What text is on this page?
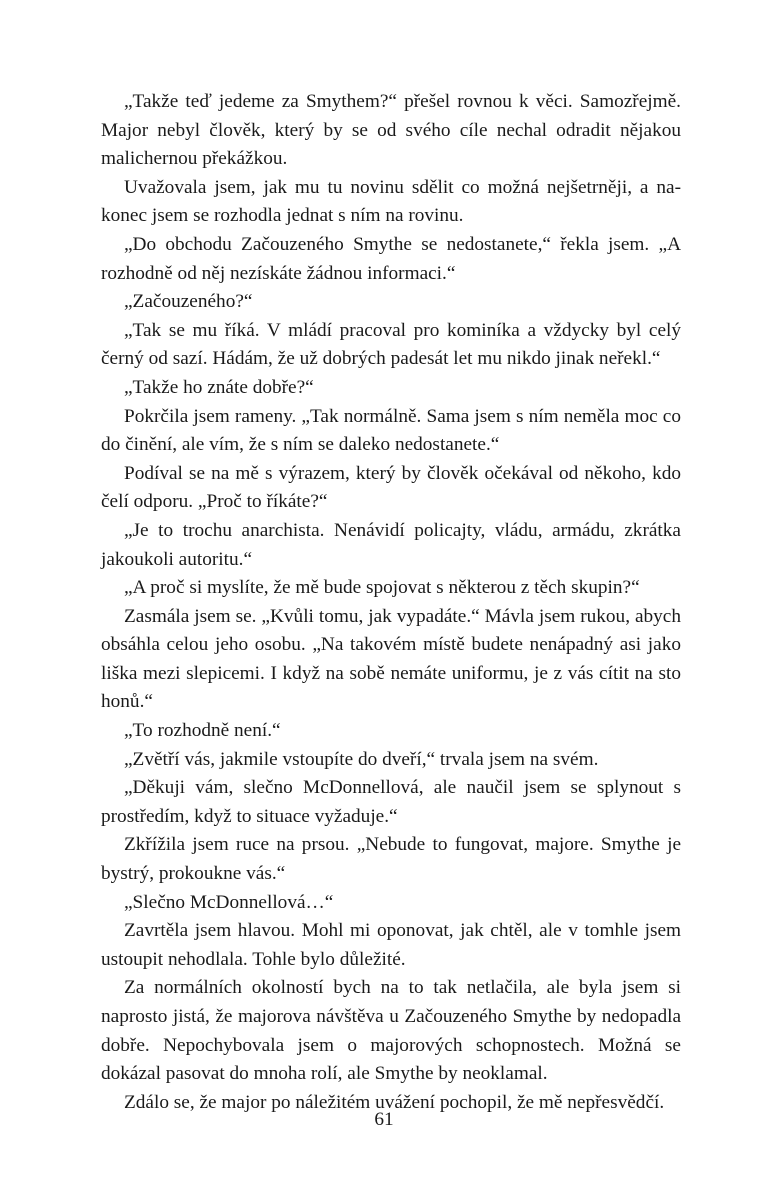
„Takže teď jedeme za Smythem?“ přešel rovnou k věci. Samozřejmě. Major nebyl člověk, který by se od svého cíle nechal odradit nějakou malichernou překážkou.

Uvažovala jsem, jak mu tu novinu sdělit co možná nejšetrněji, a nakonec jsem se rozhodla jednat s ním na rovinu.

„Do obchodu Začouzeného Smythe se nedostanete,“ řekla jsem. „A rozhodně od něj nezískáte žádnou informaci.“

„Začouzeného?“

„Tak se mu říká. V mládí pracoval pro kominíka a vždycky byl celý černý od sazí. Hádám, že už dobrých padesát let mu nikdo jinak neřekl.“

„Takže ho znáte dobře?“

Pokrčila jsem rameny. „Tak normálně. Sama jsem s ním neměla moc co do činění, ale vím, že s ním se daleko nedostanete.“

Podíval se na mě s výrazem, který by člověk očekával od někoho, kdo čelí odporu. „Proč to říkáte?“

„Je to trochu anarchista. Nenávidí policajty, vládu, armádu, zkrátka jakoukoli autoritu.“

„A proč si myslíte, že mě bude spojovat s některou z těch skupin?“

Zasmála jsem se. „Kvůli tomu, jak vypadáte.“ Mávla jsem rukou, abych obsáhla celou jeho osobu. „Na takovém místě budete nenápadný asi jako liška mezi slepicemi. I když na sobě nemáte uniformu, je z vás cítit na sto honů.“

„To rozhodně není.“

„Zvětří vás, jakmile vstoupíte do dveří,“ trvala jsem na svém.

„Děkuji vám, slečno McDonnellová, ale naučil jsem se splynout s prostředím, když to situace vyžaduje.“

Zkřížila jsem ruce na prsou. „Nebude to fungovat, majore. Smythe je bystrý, prokoukne vás.“

„Slečno McDonnellová…“

Zavrtěla jsem hlavou. Mohl mi oponovat, jak chtěl, ale v tomhle jsem ustoupit nehodlala. Tohle bylo důležité.

Za normálních okolností bych na to tak netlačila, ale byla jsem si naprosto jistá, že majorova návštěva u Začouzeného Smythe by nedopadla dobře. Nepochybovala jsem o majorových schopnostech. Možná se dokázal pasovat do mnoha rolí, ale Smythe by neoklamal.

Zdálo se, že major po náležitém uvážení pochopil, že mě nepřesvědčí.

61
